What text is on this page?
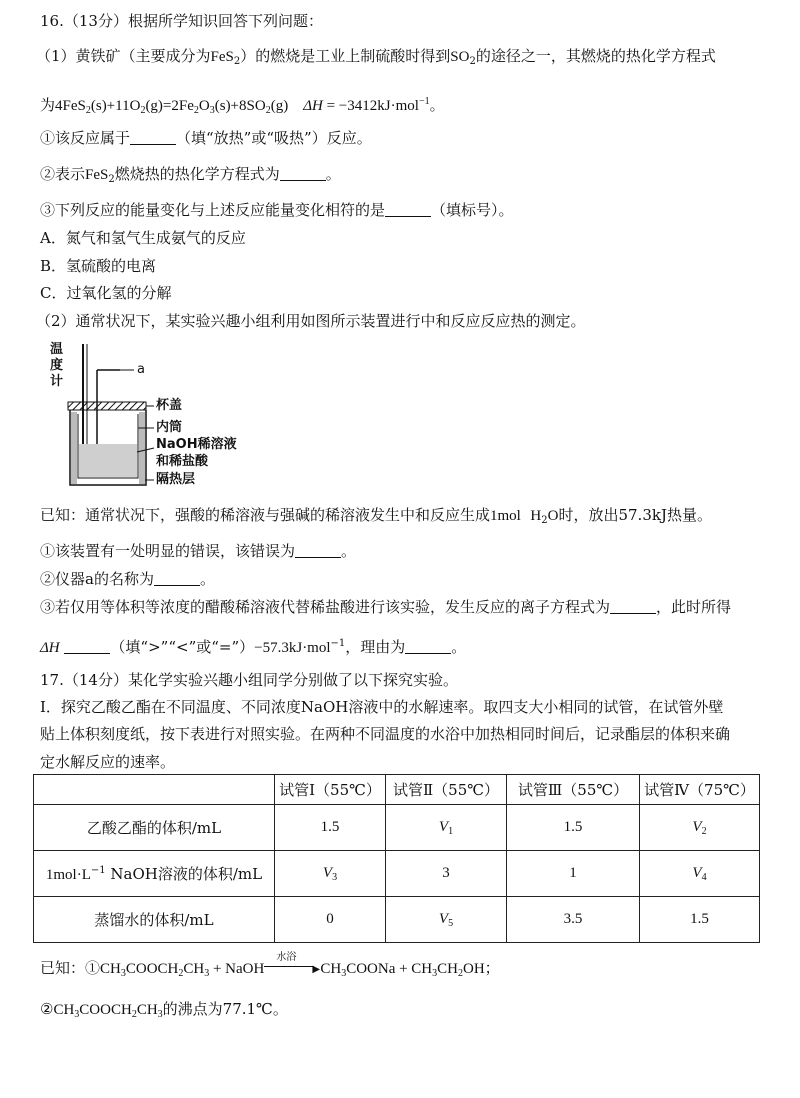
16.（13分）根据所学知识回答下列问题：
（1）黄铁矿（主要成分为FeS$_2$）的燃烧是工业上制硫酸时得到$SO_2$的途径之一，其燃烧的热化学方程式
为$4FeS_2(s)+11O_2(g)=2Fe_2O_3(s)+8SO_2(g) \Delta H = -3412kJ\cdot mol^{-1}$。
①该反应属于	（填“放热”或“吸热”）反应。
②表示FeS$_2$燃烧热的热化学方程式为	。
③下列反应的能量变化与上述反应能量变化相符的是	（填标号）。
A．氮气和氢气生成氨气的反应
B．氢硫酸的电离
C．过氧化氢的分解
（2）通常状况下，某实验兴趣小组利用如图所示装置进行中和反应反应热的测定。
温
度
计
a
杯盖
内筒
NaOH稀溶液
和稀盐酸
隔热层
已知：通常状况下，强酸的稀溶液与强碱的稀溶液发生中和反应生成1mol $H_2O$时，放出57.3kJ热量。
①该装置有一处明显的错误，该错误为	。
②仪器a的名称为	。
③若仅用等体积等浓度的醋酸稀溶液代替稀盐酸进行该实验，发生反应的离子方程式为	，此时所得
ΔH	（填“>”“<”或“=”）−57.3kJ·mol$^{-1}$，理由为	。
17.（14分）某化学实验兴趣小组同学分别做了以下探究实验。
Ⅰ．探究乙酸乙酯在不同温度、不同浓度NaOH溶液中的水解速率。取四支大小相同的试管，在试管外壁
贴上体积刻度纸，按下表进行对照实验。在两种不同温度的水浴中加热相同时间后，记录酯层的体积来确
定水解反应的速率。
	试管Ⅰ（55℃）	试管Ⅱ（55℃）	试管Ⅲ（55℃）	试管Ⅳ（75℃）
乙酸乙酯的体积/mL	1.5	$V_1$	1.5	$V_2$
$1mol\cdot L^{-1}$ NaOH溶液的体积/mL	$V_3$	3	1	$V_4$
蒸馏水的体积/mL	0	$V_5$	3.5	1.5
已知：$①CH_3COOCH_2CH_3$ + NaOH
水浴
▶ $CH_3COONa + CH_3CH_2OH$；
$②CH_3COOCH_2CH_3$的沸点为77.1℃。
